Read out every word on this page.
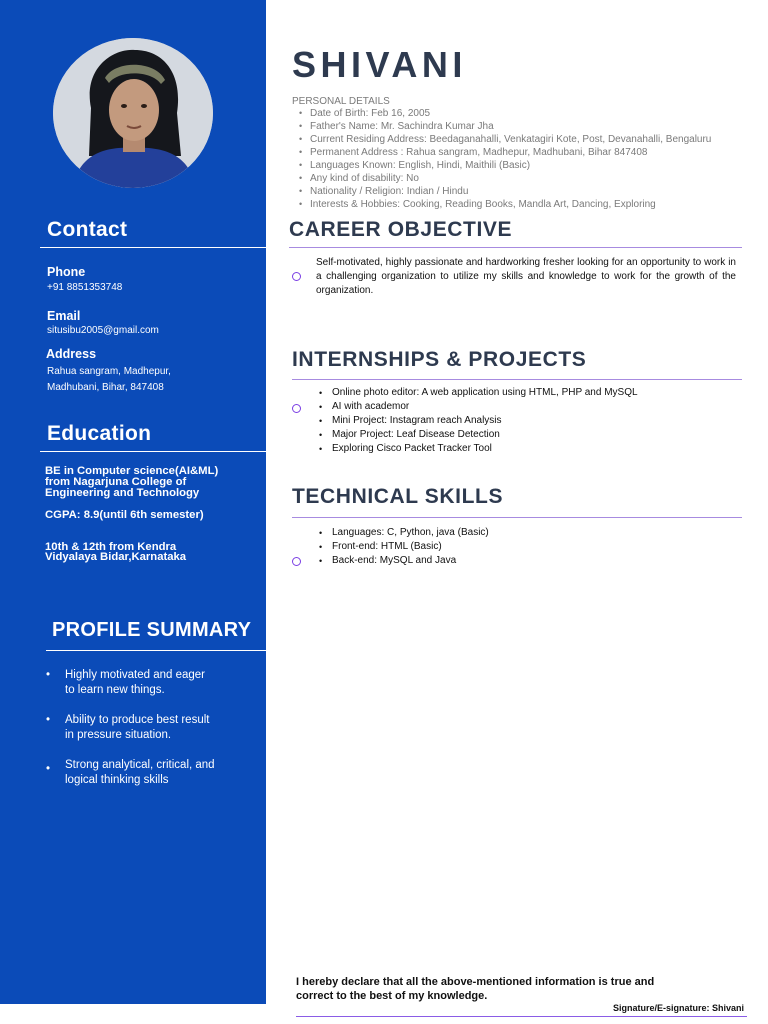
Contact
Phone
+91 8851353748
Email
situsibu2005@gmail.com
Address
Rahua sangram, Madhepur,
Madhubani, Bihar, 847408
Education
BE in Computer science(AI&ML)
from Nagarjuna College of
Engineering and Technology
CGPA: 8.9(until 6th semester)
10th & 12th from Kendra
Vidyalaya Bidar,Karnataka
PROFILE SUMMARY
• Highly motivated and eager
to learn new things.
• Ability to produce best result
in pressure situation.
• Strong analytical, critical, and
logical thinking skills
SHIVANI
PERSONAL DETAILS
• Date of Birth: Feb 16, 2005
• Father's Name: Mr. Sachindra Kumar Jha
• Current Residing Address: Beedaganahalli, Venkatagiri Kote, Post, Devanahalli, Bengaluru
• Permanent Address : Rahua sangram, Madhepur, Madhubani, Bihar 847408
• Languages Known: English, Hindi, Maithili (Basic)
• Any kind of disability: No
• Nationality / Religion: Indian / Hindu
• Interests & Hobbies: Cooking, Reading Books, Mandla Art, Dancing, Exploring
CAREER OBJECTIVE
Self-motivated, highly passionate and hardworking fresher looking for an opportunity to work in a challenging organization to utilize my skills and knowledge to work for the growth of the organization.
INTERNSHIPS & PROJECTS
• Online photo editor: A web application using HTML, PHP and MySQL
• AI with academor
• Mini Project: Instagram reach Analysis
• Major Project: Leaf Disease Detection
• Exploring Cisco Packet Tracker Tool
TECHNICAL SKILLS
• Languages: C, Python, java (Basic)
• Front-end: HTML (Basic)
• Back-end: MySQL and Java
I hereby declare that all the above-mentioned information is true and
correct to the best of my knowledge.
Signature/E-signature: Shivani
